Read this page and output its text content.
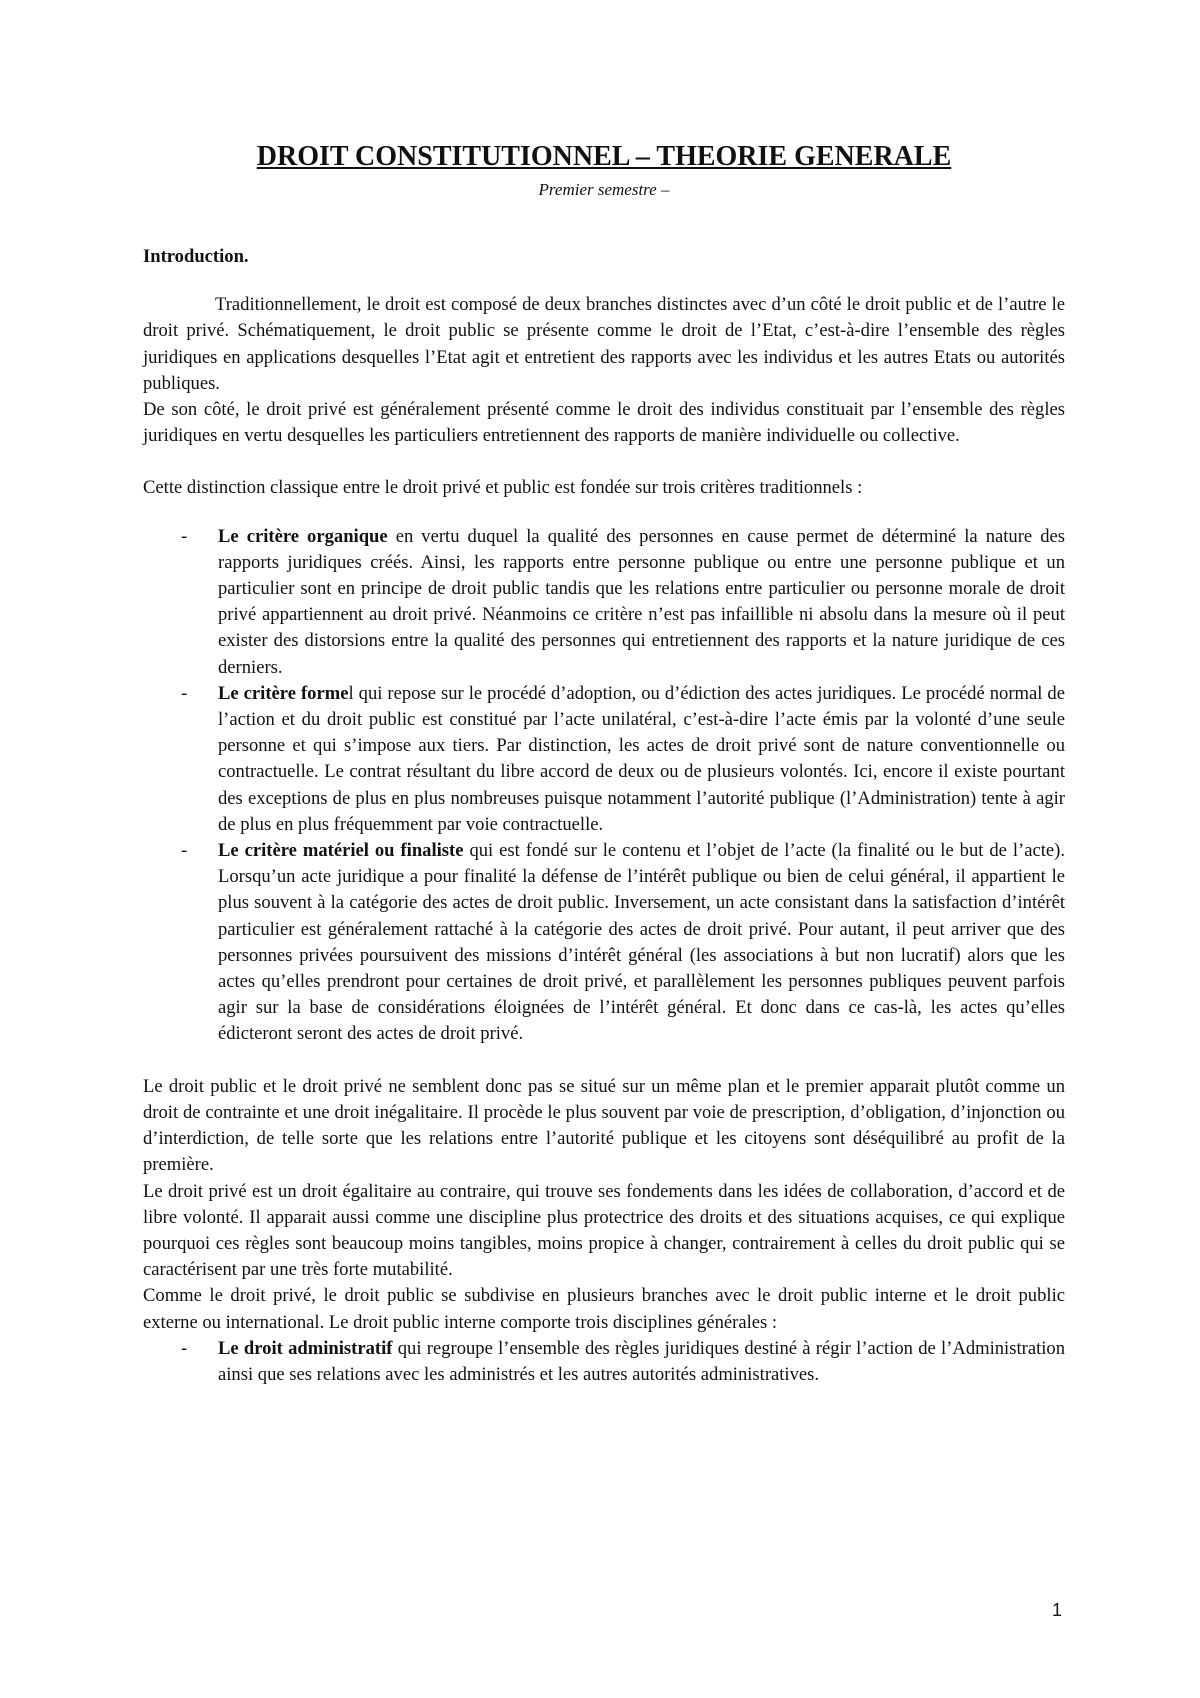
DROIT CONSTITUTIONNEL – THEORIE GENERALE
Premier semestre –
Introduction.

Traditionnellement, le droit est composé de deux branches distinctes avec d’un côté le droit public et de l’autre le droit privé. Schématiquement, le droit public se présente comme le droit de l’Etat, c’est-à-dire l’ensemble des règles juridiques en applications desquelles l’Etat agit et entretient des rapports avec les individus et les autres Etats ou autorités publiques.

De son côté, le droit privé est généralement présenté comme le droit des individus constituait par l’ensemble des règles juridiques en vertu desquelles les particuliers entretiennent des rapports de manière individuelle ou collective.

Cette distinction classique entre le droit privé et public est fondée sur trois critères traditionnels :

- Le critère organique en vertu duquel la qualité des personnes en cause permet de déterminé la nature des rapports juridiques créés. Ainsi, les rapports entre personne publique ou entre une personne publique et un particulier sont en principe de droit public tandis que les relations entre particulier ou personne morale de droit privé appartiennent au droit privé. Néanmoins ce critère n’est pas infaillible ni absolu dans la mesure où il peut exister des distorsions entre la qualité des personnes qui entretiennent des rapports et la nature juridique de ces derniers.
- Le critère formel qui repose sur le procédé d’adoption, ou d’édiction des actes juridiques. Le procédé normal de l’action et du droit public est constitué par l’acte unilatéral, c’est-à-dire l’acte émis par la volonté d’une seule personne et qui s’impose aux tiers. Par distinction, les actes de droit privé sont de nature conventionnelle ou contractuelle. Le contrat résultant du libre accord de deux ou de plusieurs volontés. Ici, encore il existe pourtant des exceptions de plus en plus nombreuses puisque notamment l’autorité publique (l’Administration) tente à agir de plus en plus fréquemment par voie contractuelle.
- Le critère matériel ou finaliste qui est fondé sur le contenu et l’objet de l’acte (la finalité ou le but de l’acte). Lorsqu’un acte juridique a pour finalité la défense de l’intérêt publique ou bien de celui général, il appartient le plus souvent à la catégorie des actes de droit public. Inversement, un acte consistant dans la satisfaction d’intérêt particulier est généralement rattaché à la catégorie des actes de droit privé. Pour autant, il peut arriver que des personnes privées poursuivent des missions d’intérêt général (les associations à but non lucratif) alors que les actes qu’elles prendront pour certaines de droit privé, et parallèlement les personnes publiques peuvent parfois agir sur la base de considérations éloignées de l’intérêt général. Et donc dans ce cas-là, les actes qu’elles édicteront seront des actes de droit privé.

Le droit public et le droit privé ne semblent donc pas se situé sur un même plan et le premier apparait plutôt comme un droit de contrainte et une droit inégalitaire. Il procède le plus souvent par voie de prescription, d’obligation, d’injonction ou d’interdiction, de telle sorte que les relations entre l’autorité publique et les citoyens sont déséquilibré au profit de la première.

Le droit privé est un droit égalitaire au contraire, qui trouve ses fondements dans les idées de collaboration, d’accord et de libre volonté. Il apparait aussi comme une discipline plus protectrice des droits et des situations acquises, ce qui explique pourquoi ces règles sont beaucoup moins tangibles, moins propice à changer, contrairement à celles du droit public qui se caractérisent par une très forte mutabilité.

Comme le droit privé, le droit public se subdivise en plusieurs branches avec le droit public interne et le droit public externe ou international. Le droit public interne comporte trois disciplines générales :

- Le droit administratif qui regroupe l’ensemble des règles juridiques destiné à régir l’action de l’Administration ainsi que ses relations avec les administrés et les autres autorités administratives.
1
